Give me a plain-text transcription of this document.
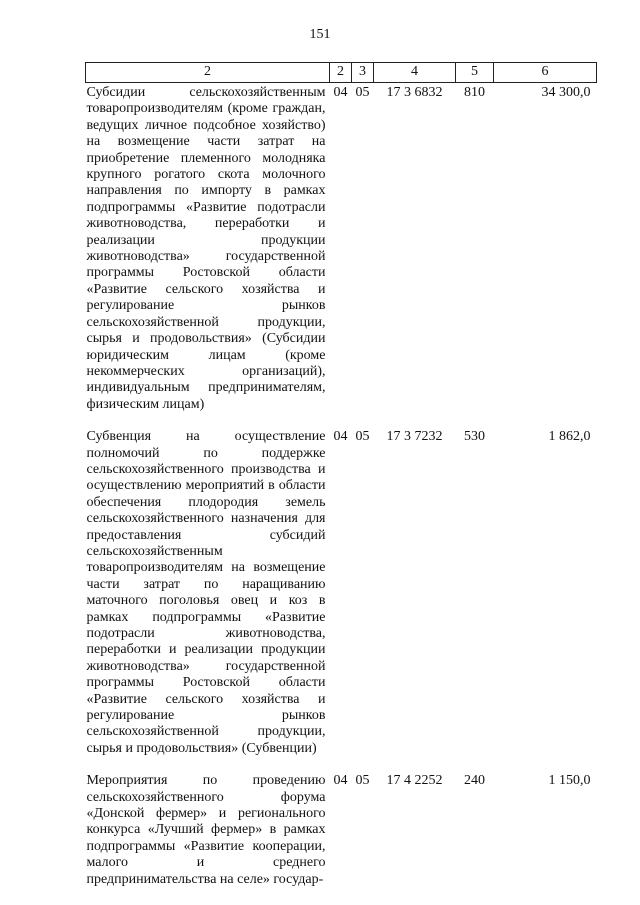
151
2	2	3	4	5	6
Субсидии сельскохозяйственным товаропроизводителям (кроме граждан, ведущих личное подсобное хозяйство) на возмещение части затрат на приобретение племенного молодняка крупного рогатого скота молочного направления по импорту в рамках подпрограммы «Развитие подотрасли животноводства, переработки и реализации продукции животноводства» государственной программы Ростовской области «Развитие сельского хозяйства и регулирование рынков сельскохозяйственной продукции, сырья и продовольствия» (Субсидии юридическим лицам (кроме некоммерческих организаций), индивидуальным предпринимателям, физическим лицам)	04	05	17 3 6832	810	34 300,0
Субвенция на осуществление полномочий по поддержке сельскохозяйственного производства и осуществлению мероприятий в области обеспечения плодородия земель сельскохозяйственного назначения для предоставления субсидий сельскохозяйственным товаропроизводителям на возмещение части затрат по наращиванию маточного поголовья овец и коз в рамках подпрограммы «Развитие подотрасли животноводства, переработки и реализации продукции животноводства» государственной программы Ростовской области «Развитие сельского хозяйства и регулирование рынков сельскохозяйственной продукции, сырья и продовольствия» (Субвенции)	04	05	17 3 7232	530	1 862,0
Мероприятия по проведению сельскохозяйственного форума «Донской фермер» и регионального конкурса «Лучший фермер» в рамках подпрограммы «Развитие кооперации, малого и среднего предпринимательства на селе» государ-	04	05	17 4 2252	240	1 150,0
